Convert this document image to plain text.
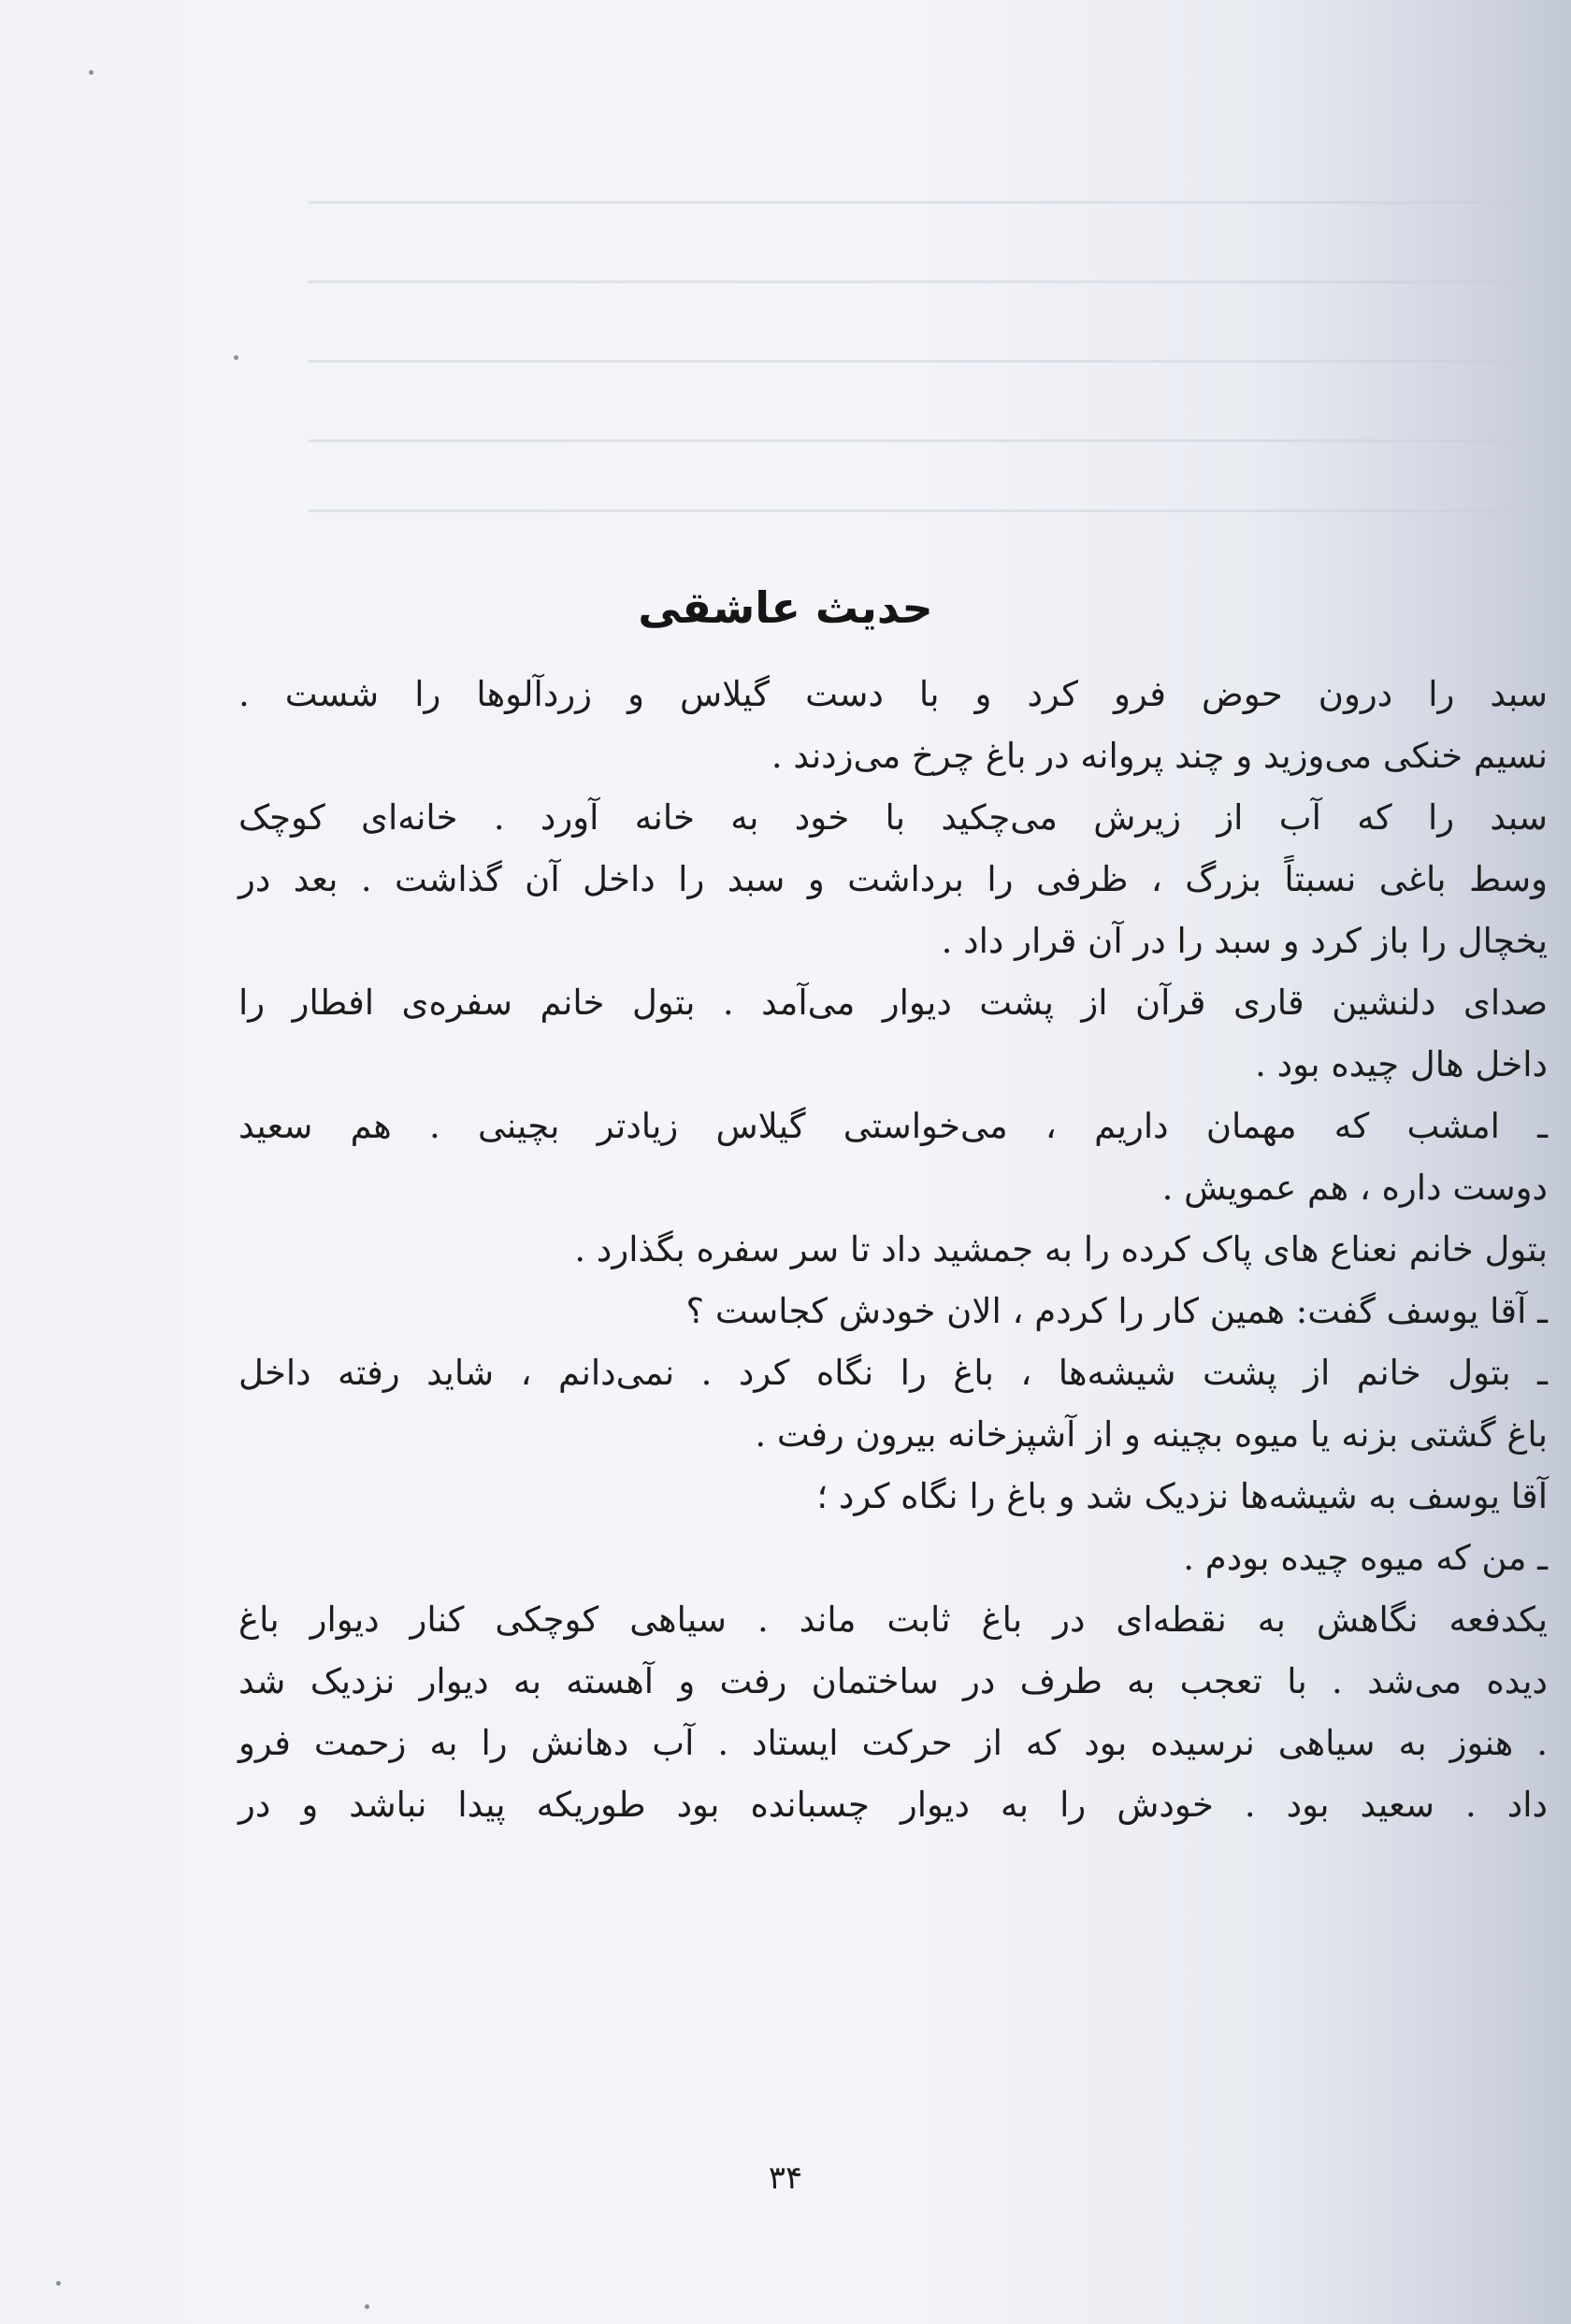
حدیث عاشقی

سبد را درون حوض فرو کرد و با دست گیلاس و زردآلوها را شست .

نسیم خنکی می‌وزید و چند پروانه در باغ چرخ می‌زدند .

سبد را که آب از زیرش می‌چکید با خود به خانه آورد . خانه‌ای کوچک

وسط باغی نسبتاً بزرگ ، ظرفی را برداشت و سبد را داخل آن گذاشت . بعد در

یخچال را باز کرد و سبد را در آن قرار داد .

صدای دلنشین قاری قرآن از پشت دیوار می‌آمد . بتول خانم سفره‌ی افطار را

داخل هال چیده بود .

ـ امشب که مهمان داریم ، می‌خواستی گیلاس زیادتر بچینی . هم سعید

دوست داره ، هم عمویش .

بتول خانم نعناع های پاک کرده را به جمشید داد تا سر سفره بگذارد .

ـ آقا یوسف گفت: همین کار را کردم ، الان خودش کجاست ؟

ـ بتول خانم از پشت شیشه‌ها ، باغ را نگاه کرد . نمی‌دانم ، شاید رفته داخل

باغ گشتی بزنه یا میوه بچینه و از آشپزخانه بیرون رفت .

آقا یوسف به شیشه‌ها نزدیک شد و باغ را نگاه کرد ؛

ـ من که میوه چیده بودم .

یکدفعه نگاهش به نقطه‌ای در باغ ثابت ماند . سیاهی کوچکی کنار دیوار باغ

دیده می‌شد . با تعجب به طرف در ساختمان رفت و آهسته به دیوار نزدیک شد

. هنوز به سیاهی نرسیده بود که از حرکت ایستاد . آب دهانش را به زحمت فرو

داد . سعید بود . خودش را به دیوار چسبانده بود طوریکه پیدا نباشد و در

۳۴
